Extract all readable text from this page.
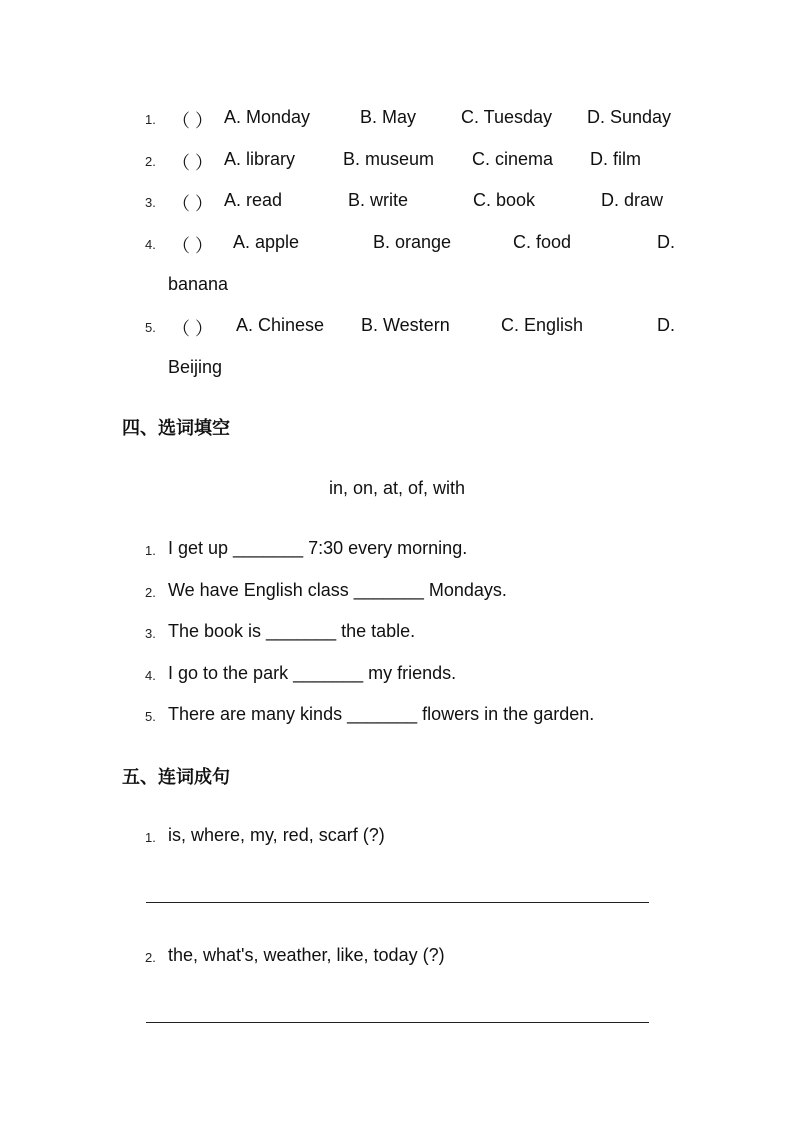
1. （ ） A. Monday	B. May C. Tuesday D. Sunday
2. （ ） A. library	B. museum C. cinema D. film
3. （ ） A. read	B. write	C. book	D. draw
4. （ ） A. apple	B. orange	C. food	D.
banana
5. （ ） A. Chinese B. Western	C. English	D.
Beijing
四、选词填空
in, on, at, of, with
1. I get up _______ 7:30 every morning.
2. We have English class _______ Mondays.
3. The book is _______ the table.
4. I go to the park _______ my friends.
5. There are many kinds _______ flowers in the garden.
五、连词成句
1. is, where, my, red, scarf (?)
2. the, what's, weather, like, today (?)
